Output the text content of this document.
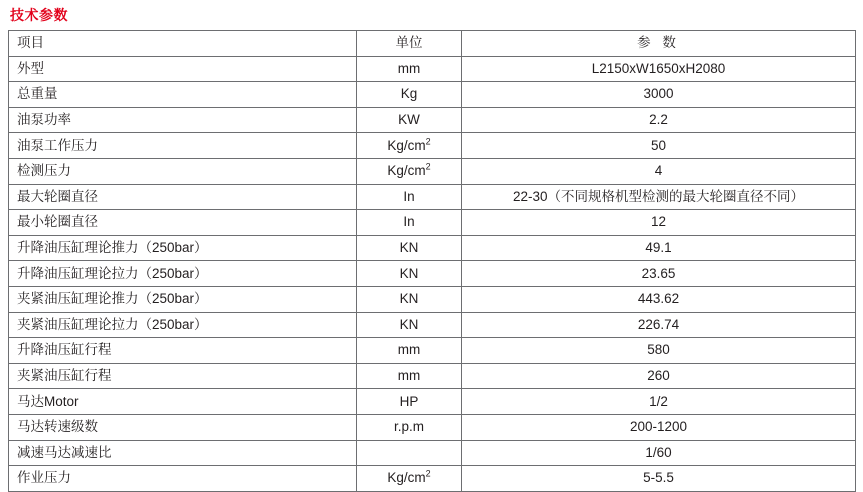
技术参数
项目	单位	参 数
外型	mm	L2150xW1650xH2080
总重量	Kg	3000
油泵功率	KW	2.2
油泵工作压力	$Kg/cm^2$	50
检测压力	$Kg/cm^2$	4
最大轮圈直径	In	22-30（不同规格机型检测的最大轮圈直径不同）
最小轮圈直径	In	12
升降油压缸理论推力（250bar）	KN	49.1
升降油压缸理论拉力（250bar）	KN	23.65
夹紧油压缸理论推力（250bar）	KN	443.62
夹紧油压缸理论拉力（250bar）	KN	226.74
升降油压缸行程	mm	580
夹紧油压缸行程	mm	260
马达Motor	HP	1/2
马达转速级数	r.p.m	200-1200
减速马达减速比		1/60
作业压力	$Kg/cm^2$	5-5.5
